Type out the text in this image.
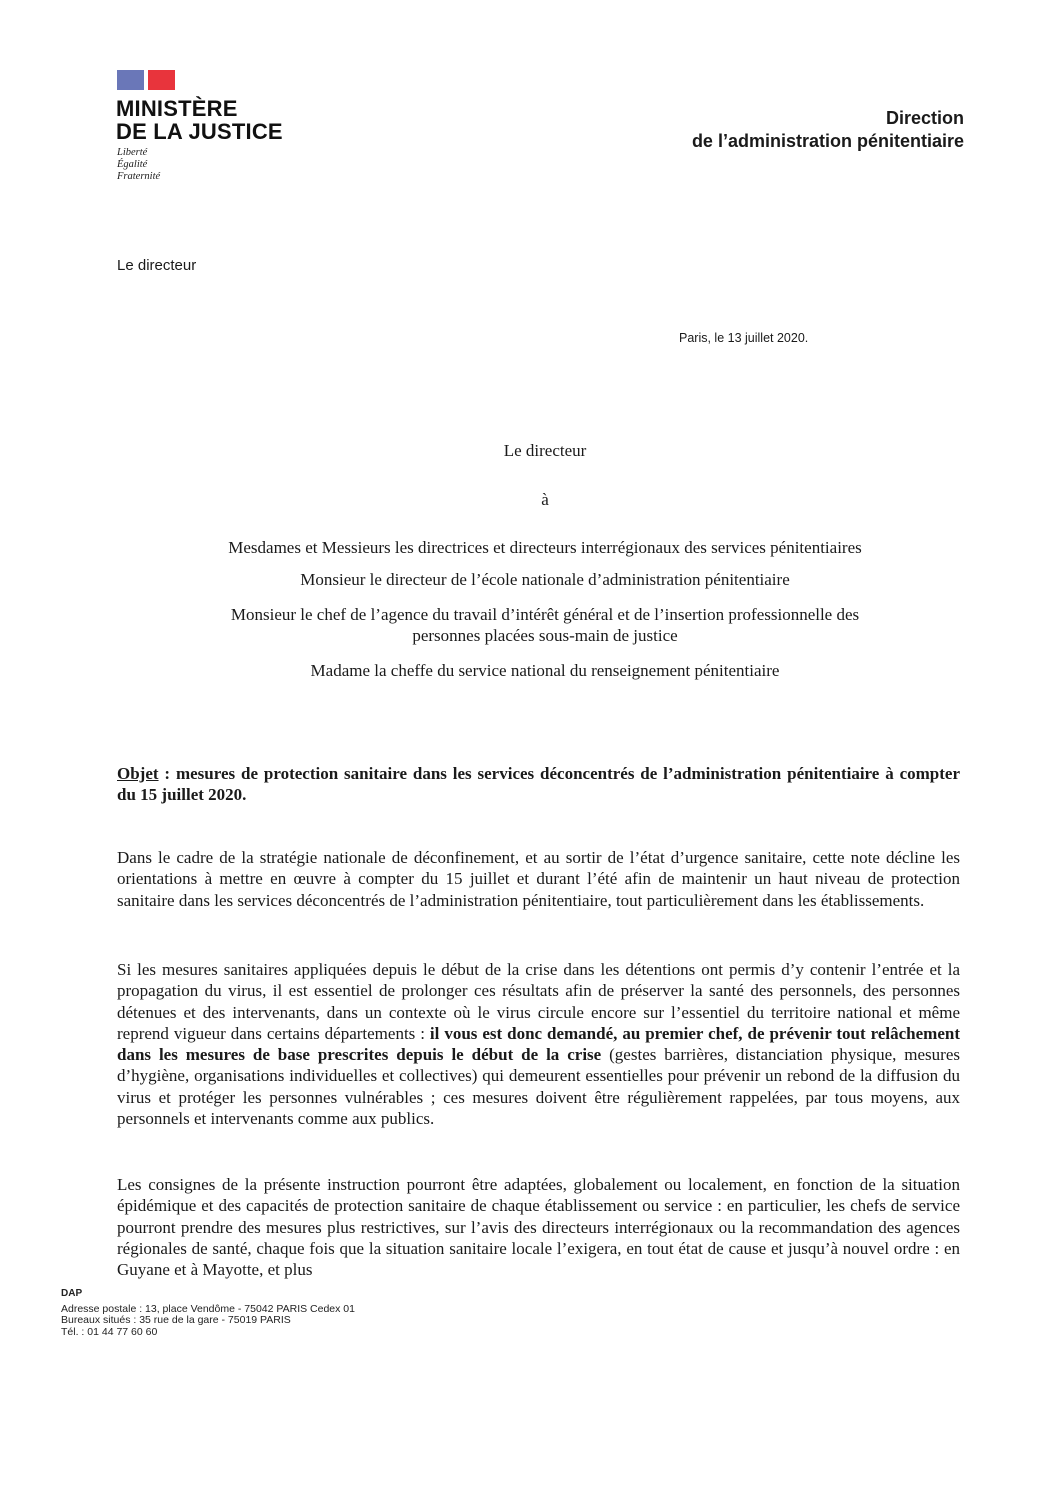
MINISTÈRE
DE LA JUSTICE
Liberté
Égalité
Fraternité
Direction
de l’administration pénitentiaire
Le directeur
Paris, le 13 juillet 2020.
Le directeur
à
Mesdames et Messieurs les directrices et directeurs interrégionaux des services pénitentiaires
Monsieur le directeur de l’école nationale d’administration pénitentiaire
Monsieur le chef de l’agence du travail d’intérêt général et de l’insertion professionnelle des
personnes placées sous-main de justice
Madame la cheffe du service national du renseignement pénitentiaire
Objet : mesures de protection sanitaire dans les services déconcentrés de l’administration pénitentiaire à compter du 15 juillet 2020.
Dans le cadre de la stratégie nationale de déconfinement, et au sortir de l’état d’urgence sanitaire, cette note décline les orientations à mettre en œuvre à compter du 15 juillet et durant l’été afin de maintenir un haut niveau de protection sanitaire dans les services déconcentrés de l’administration pénitentiaire, tout particulièrement dans les établissements.
Si les mesures sanitaires appliquées depuis le début de la crise dans les détentions ont permis d’y contenir l’entrée et la propagation du virus, il est essentiel de prolonger ces résultats afin de préserver la santé des personnels, des personnes détenues et des intervenants, dans un contexte où le virus circule encore sur l’essentiel du territoire national et même reprend vigueur dans certains départements : il vous est donc demandé, au premier chef, de prévenir tout relâchement dans les mesures de base prescrites depuis le début de la crise (gestes barrières, distanciation physique, mesures d’hygiène, organisations individuelles et collectives) qui demeurent essentielles pour prévenir un rebond de la diffusion du virus et protéger les personnes vulnérables ; ces mesures doivent être régulièrement rappelées, par tous moyens, aux personnels et intervenants comme aux publics.
Les consignes de la présente instruction pourront être adaptées, globalement ou localement, en fonction de la situation épidémique et des capacités de protection sanitaire de chaque établissement ou service : en particulier, les chefs de service pourront prendre des mesures plus restrictives, sur l’avis des directeurs interrégionaux ou la recommandation des agences régionales de santé, chaque fois que la situation sanitaire locale l’exigera, en tout état de cause et jusqu’à nouvel ordre : en Guyane et à Mayotte, et plus
DAP
Adresse postale : 13, place Vendôme - 75042 PARIS Cedex 01
Bureaux situés : 35 rue de la gare - 75019 PARIS
Tél. : 01 44 77 60 60
